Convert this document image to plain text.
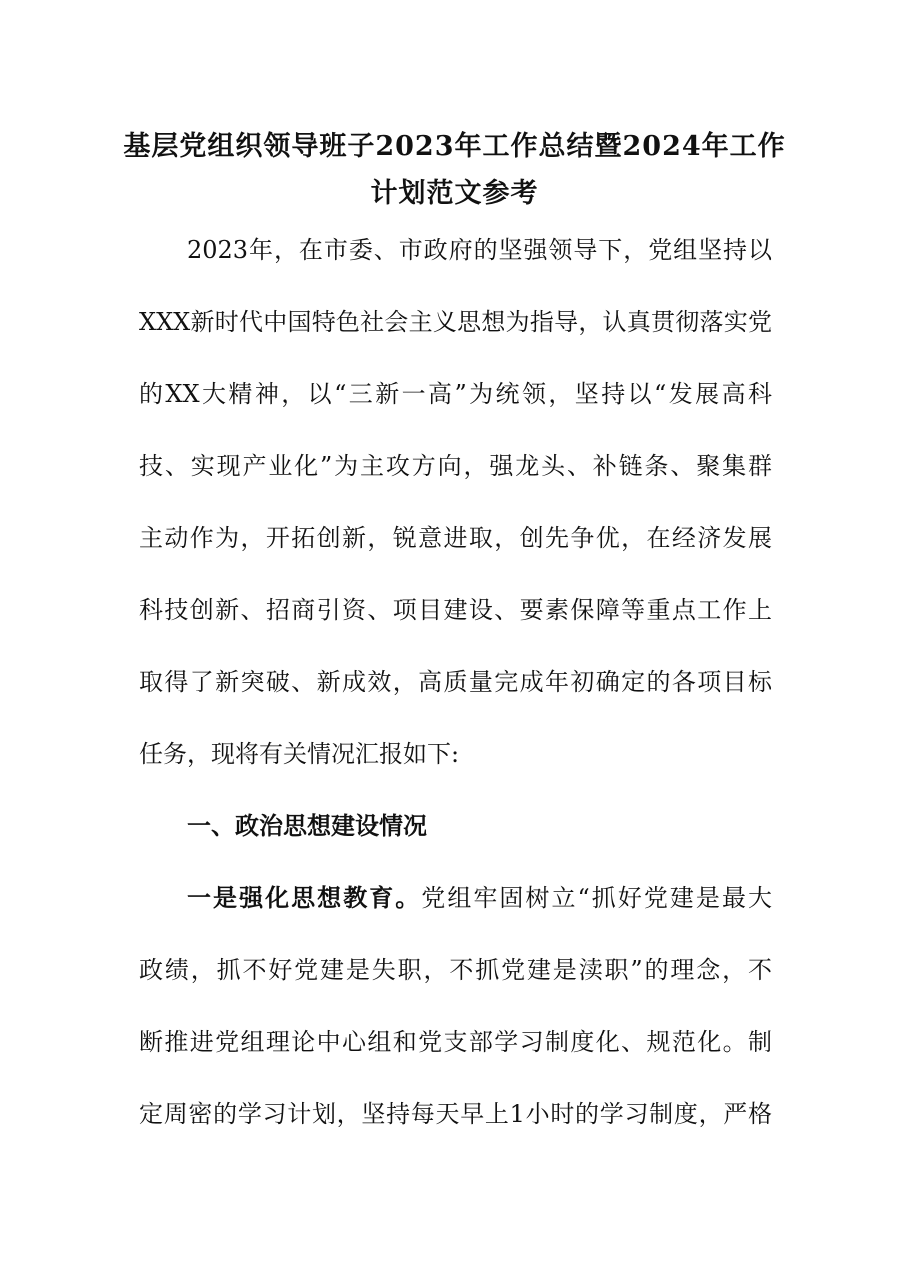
基层党组织领导班子2023年工作总结暨2024年工作
计划范文参考
2023年，在市委、市政府的坚强领导下，党组坚持以
XXX新时代中国特色社会主义思想为指导，认真贯彻落实党
的XX大精神，以“三新一高”为统领，坚持以“发展高科
技、实现产业化”为主攻方向，强龙头、补链条、聚集群
主动作为，开拓创新，锐意进取，创先争优，在经济发展
科技创新、招商引资、项目建设、要素保障等重点工作上
取得了新突破、新成效，高质量完成年初确定的各项目标
任务，现将有关情况汇报如下:
一、政治思想建设情况
一是强化思想教育。党组牢固树立“抓好党建是最大
政绩，抓不好党建是失职，不抓党建是渎职”的理念，不
断推进党组理论中心组和党支部学习制度化、规范化。制
定周密的学习计划，坚持每天早上1小时的学习制度，严格
